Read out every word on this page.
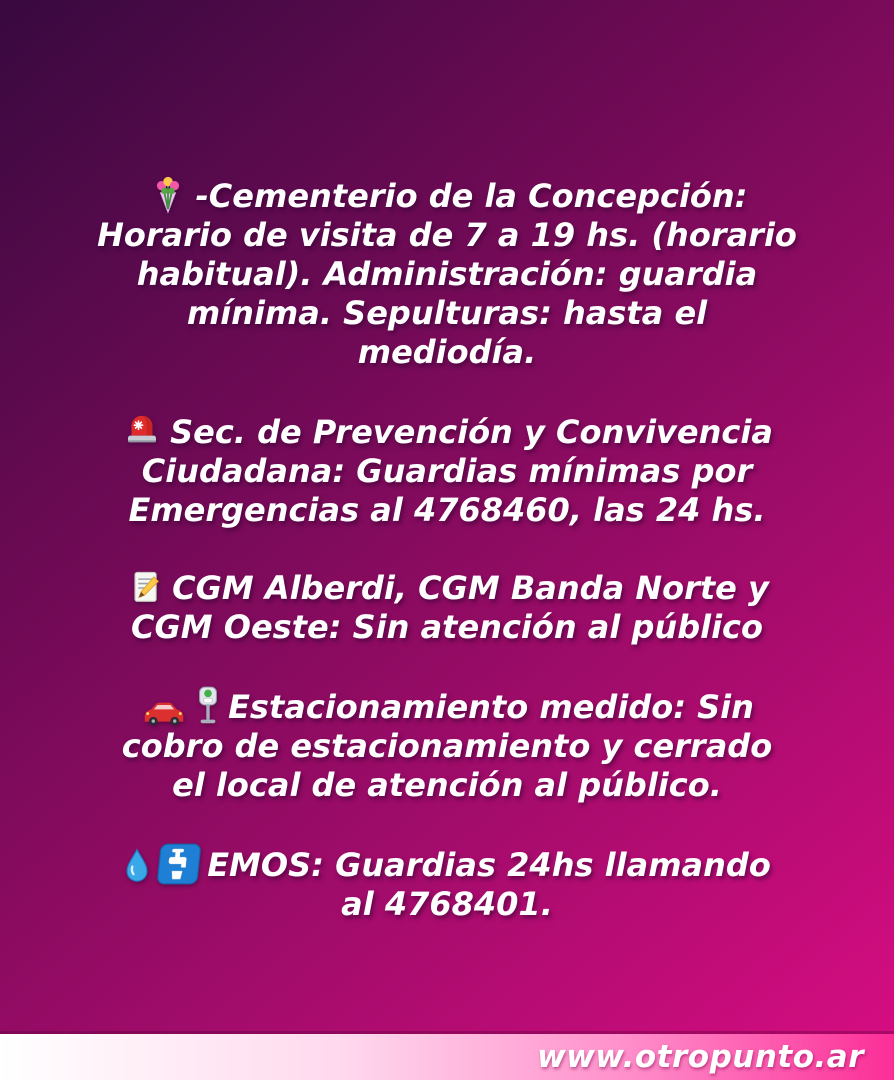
-Cementerio de la Concepción:
Horario de visita de 7 a 19 hs. (horario
habitual). Administración: guardia
mínima. Sepulturas: hasta el
mediodía.
Sec. de Prevención y Convivencia
Ciudadana: Guardias mínimas por
Emergencias al 4768460, las 24 hs.
CGM Alberdi, CGM Banda Norte y
CGM Oeste: Sin atención al público
Estacionamiento medido: Sin
cobro de estacionamiento y cerrado
el local de atención al público.
EMOS: Guardias 24hs llamando
al 4768401.
www.otropunto.ar
